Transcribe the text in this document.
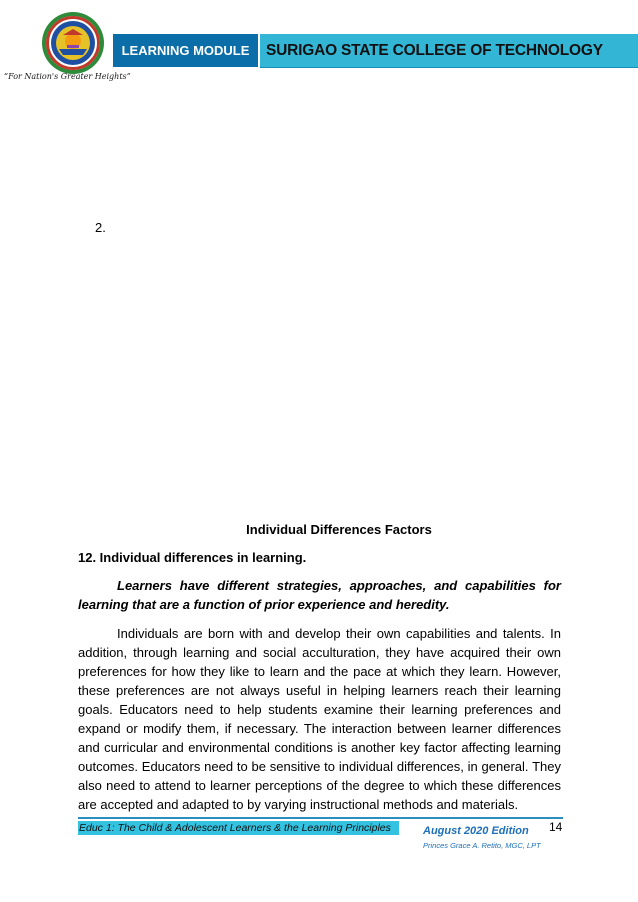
“For Nation's Greater Heights”
LEARNING MODULE	SURIGAO STATE COLLEGE OF TECHNOLOGY
2.
Individual Differences Factors
12. Individual differences in learning.
Learners have different strategies, approaches, and capabilities for learning that are a function of prior experience and heredity.
Individuals are born with and develop their own capabilities and talents. In addition, through learning and social acculturation, they have acquired their own preferences for how they like to learn and the pace at which they learn. However, these preferences are not always useful in helping learners reach their learning goals. Educators need to help students examine their learning preferences and expand or modify them, if necessary. The interaction between learner differences and curricular and environmental conditions is another key factor affecting learning outcomes. Educators need to be sensitive to individual differences, in general. They also need to attend to learner perceptions of the degree to which these differences are accepted and adapted to by varying instructional methods and materials.
Educ 1: The Child & Adolescent Learners & the Learning Principles	August 2020 Edition
Princes Grace A. Retito, MGC, LPT
14
